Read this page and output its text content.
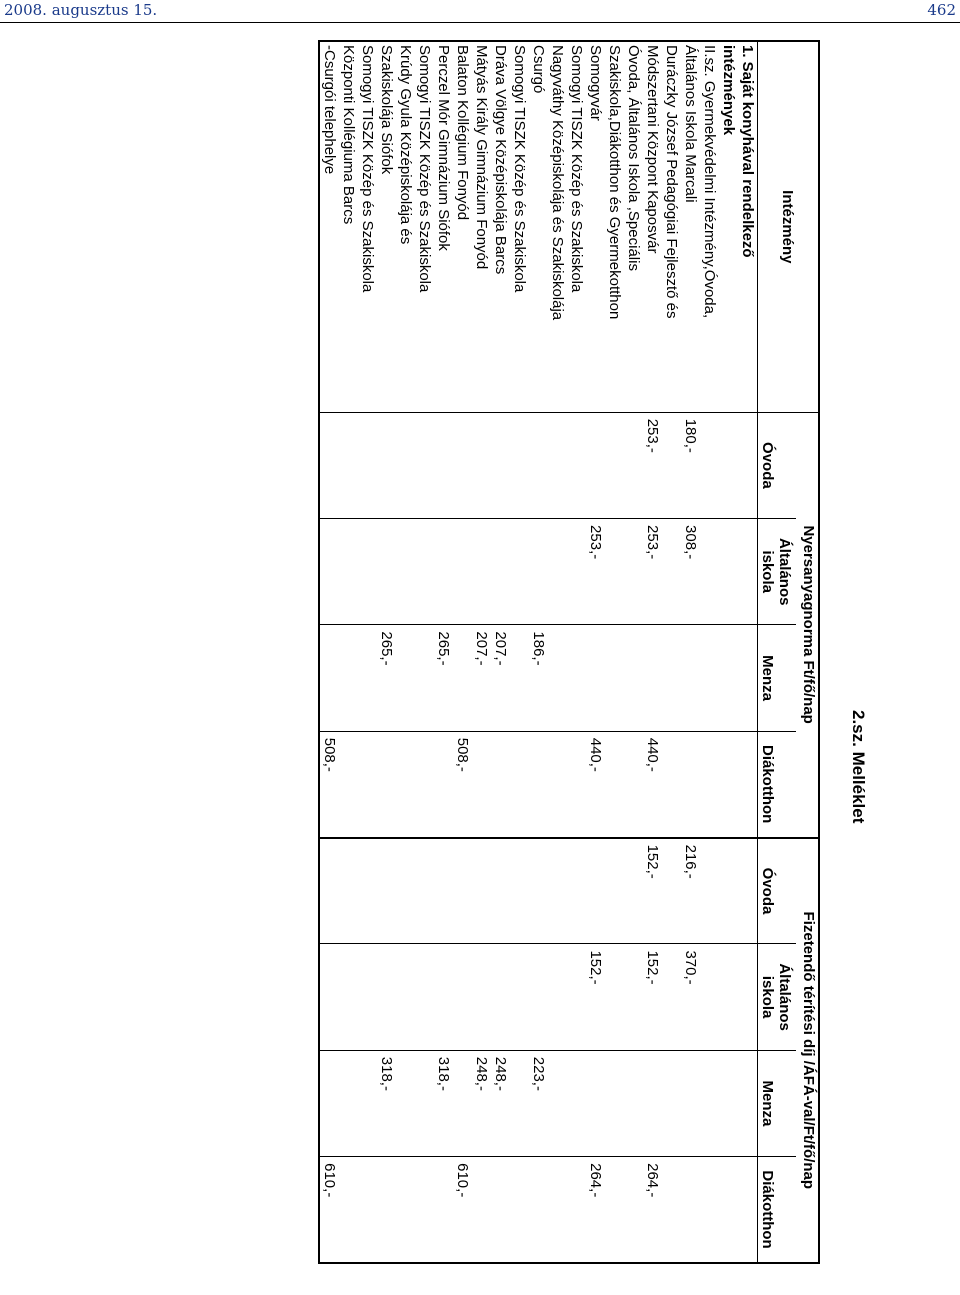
2008. augusztus 15.	462
2.sz. Melléklet
Intézmény	Nyersanyagnorma Ft/fő/nap				Fizetendő térítési díj /ÁFÁ-val/Ft/fő/nap			
	Óvoda	Általános
iskola	Menza	Diákotthon	Óvoda	Általános
iskola	Menza	Diákotthon
1. Saját konyhával rendelkező								
intézmények								
II.sz. Gyermekvédelmi Intézmény,Óvoda,								
Általános Iskola Marcali	180,-	308,-			216,-	370,-		
Duráczky József Pedagógiai Fejlesztő és								
Módszertani Központ Kaposvár	253,-	253,-		440,-	152,-	152,-		264,-
Óvoda, Általános Iskola ,Speciális								
Szakiskola,Diákotthon és Gyermekotthon								
Somogyvár		253,-		440,-		152,-		264,-
Somogyi TISZK Közép és Szakiskola								
Nagyváthy Középiskolája és Szakiskolája								
Csurgó			186,-				223,-	
Somogyi TISZK Közép és Szakiskola								
Dráva Völgye Középiskolája Barcs			207,-				248,-	
Mátyás Király Gimnázium Fonyód			207,-				248,-	
Balaton Kollégium Fonyód				508,-				610,-
Perczel Mór Gimnázium Siófok			265,-				318,-	
Somogyi TISZK Közép és Szakiskola								
Krúdy Gyula Középiskolája és								
Szakiskolája Siófok			265,-				318,-	
Somogyi TISZK Közép és Szakiskola								
Központi Kollégiuma Barcs								
-Csurgói telephelye				508,-				610,-
